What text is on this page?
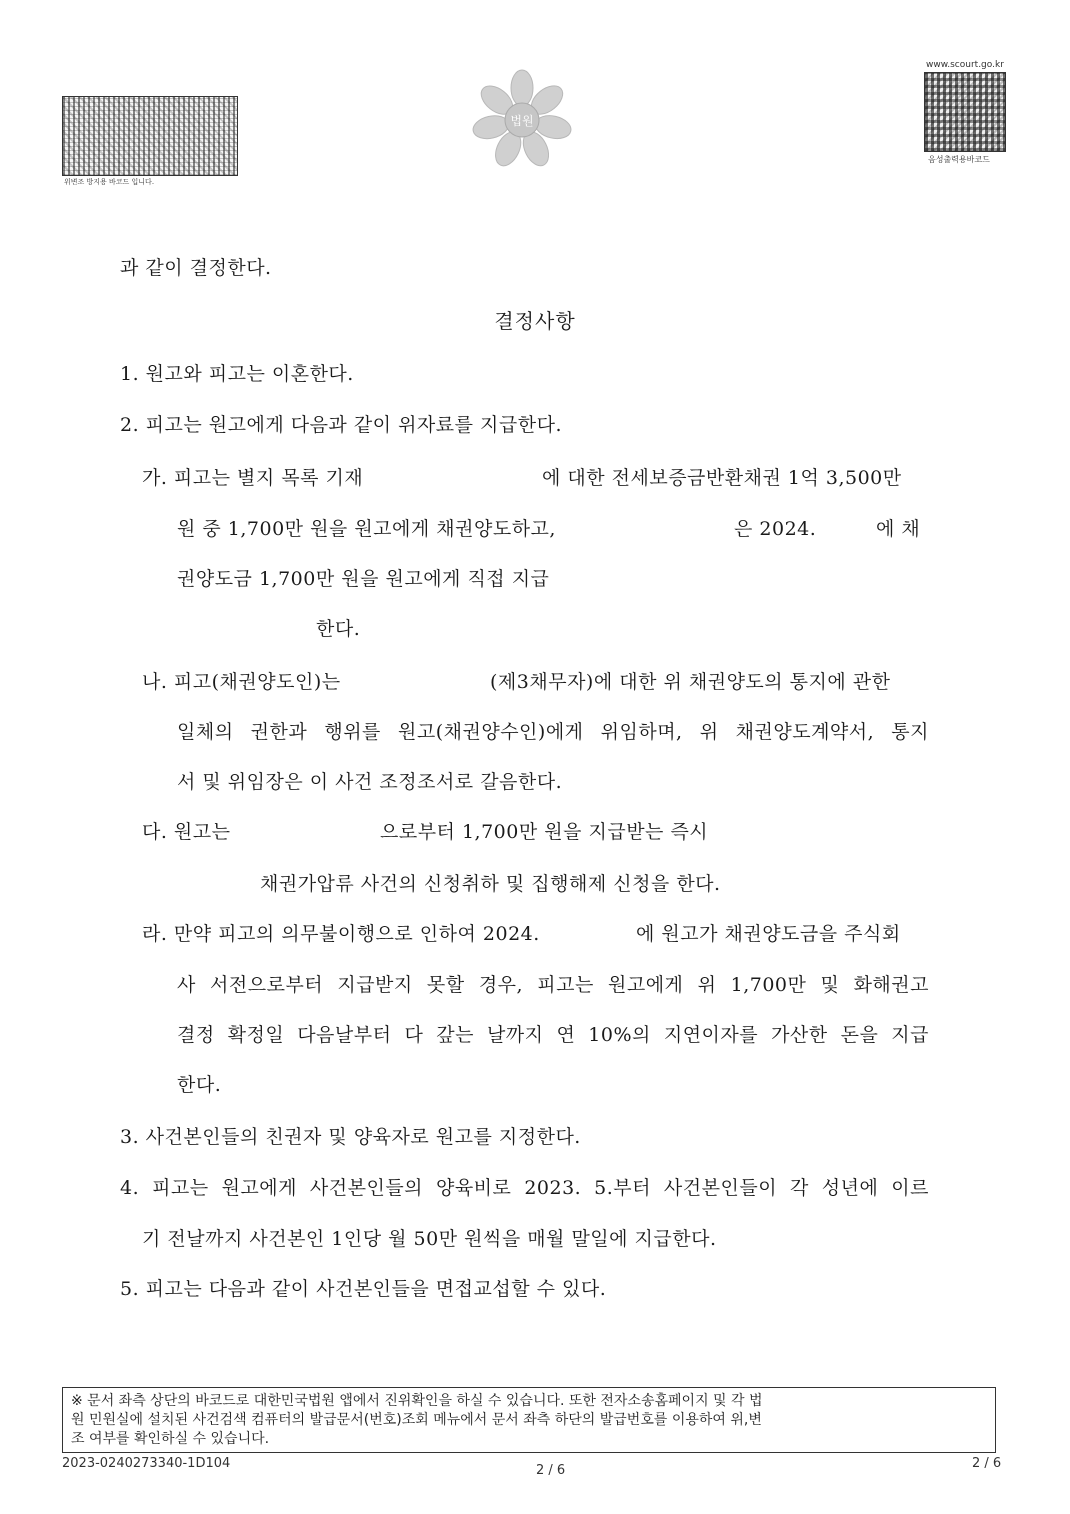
위변조 방지용 바코드 입니다.
법원
www.scourt.go.kr
음성출력용바코드
과 같이 결정한다.
결정사항
1. 원고와 피고는 이혼한다.
2. 피고는 원고에게 다음과 같이 위자료를 지급한다.
가. 피고는 별지 목록 기재	에 대한 전세보증금반환채권 1억 3,500만
원 중 1,700만 원을 원고에게 채권양도하고,	은 2024.	에 채
권양도금 1,700만 원을 원고에게 직접 지급
한다.
나. 피고(채권양도인)는	(제3채무자)에 대한 위 채권양도의 통지에 관한
일체의 권한과 행위를 원고(채권양수인)에게 위임하며, 위 채권양도계약서, 통지
서 및 위임장은 이 사건 조정조서로 갈음한다.
다. 원고는	으로부터 1,700만 원을 지급받는 즉시
채권가압류 사건의 신청취하 및 집행해제 신청을 한다.
라. 만약 피고의 의무불이행으로 인하여 2024.	에 원고가 채권양도금을 주식회
사 서전으로부터 지급받지 못할 경우, 피고는 원고에게 위 1,700만 및 화해권고
결정 확정일 다음날부터 다 갚는 날까지 연 10%의 지연이자를 가산한 돈을 지급
한다.
3. 사건본인들의 친권자 및 양육자로 원고를 지정한다.
4. 피고는 원고에게 사건본인들의 양육비로 2023. 5.부터 사건본인들이 각 성년에 이르
기 전날까지 사건본인 1인당 월 50만 원씩을 매월 말일에 지급한다.
5. 피고는 다음과 같이 사건본인들을 면접교섭할 수 있다.
※ 문서 좌측 상단의 바코드로 대한민국법원 앱에서 진위확인을 하실 수 있습니다. 또한 전자소송홈페이지 및 각 법
원 민원실에 설치된 사건검색 컴퓨터의 발급문서(번호)조회 메뉴에서 문서 좌측 하단의 발급번호를 이용하여 위,변
조 여부를 확인하실 수 있습니다.
2023-0240273340-1D104	2 / 6	2 / 6
